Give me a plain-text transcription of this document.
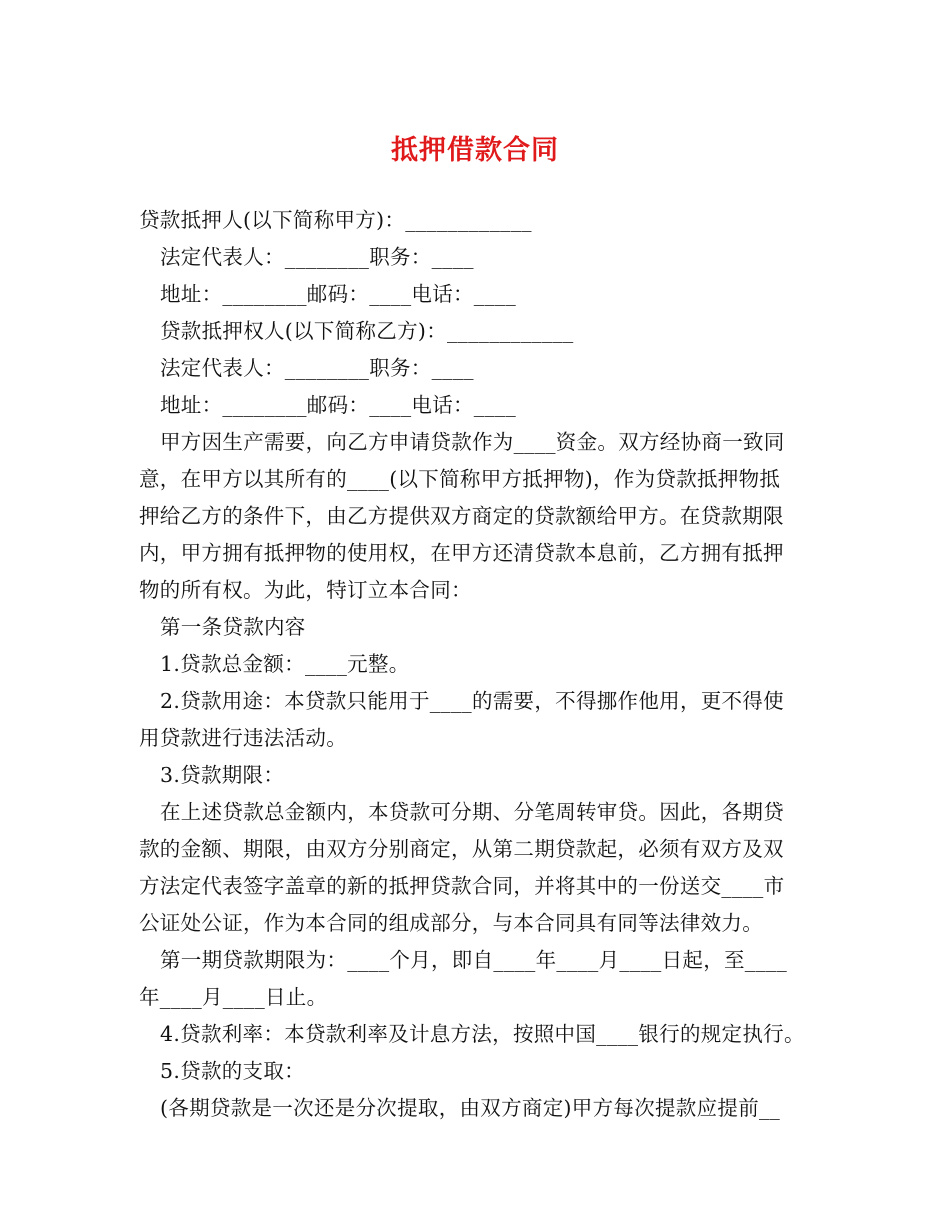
抵押借款合同
贷款抵押人(以下简称甲方)：____________
法定代表人：________职务：____
地址：________邮码：____电话：____
贷款抵押权人(以下简称乙方)：____________
法定代表人：________职务：____
地址：________邮码：____电话：____
甲方因生产需要，向乙方申请贷款作为____资金。双方经协商一致同
意，在甲方以其所有的____(以下简称甲方抵押物)，作为贷款抵押物抵
押给乙方的条件下，由乙方提供双方商定的贷款额给甲方。在贷款期限
内，甲方拥有抵押物的使用权，在甲方还清贷款本息前，乙方拥有抵押
物的所有权。为此，特订立本合同：
第一条贷款内容
1.贷款总金额：____元整。
2.贷款用途：本贷款只能用于____的需要，不得挪作他用，更不得使
用贷款进行违法活动。
3.贷款期限：
在上述贷款总金额内，本贷款可分期、分笔周转审贷。因此，各期贷
款的金额、期限，由双方分别商定，从第二期贷款起，必须有双方及双
方法定代表签字盖章的新的抵押贷款合同，并将其中的一份送交____市
公证处公证，作为本合同的组成部分，与本合同具有同等法律效力。
第一期贷款期限为：____个月，即自____年____月____日起，至____
年____月____日止。
4.贷款利率：本贷款利率及计息方法，按照中国____银行的规定执行。
5.贷款的支取：
(各期贷款是一次还是分次提取，由双方商定)甲方每次提款应提前__
